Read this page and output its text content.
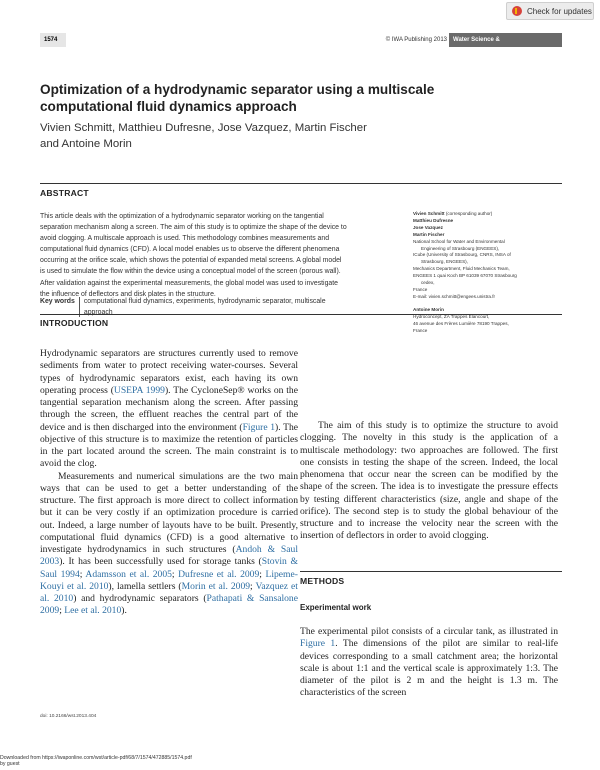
Check for updates
1574	© IWA Publishing 2013	Water Science & Technology | 68.7 | 2013
Optimization of a hydrodynamic separator using a multiscale computational fluid dynamics approach
Vivien Schmitt, Matthieu Dufresne, Jose Vazquez, Martin Fischer
and Antoine Morin
ABSTRACT
This article deals with the optimization of a hydrodynamic separator working on the tangential
separation mechanism along a screen. The aim of this study is to optimize the shape of the device to
avoid clogging. A multiscale approach is used. This methodology combines measurements and
computational fluid dynamics (CFD). A local model enables us to observe the different phenomena
occurring at the orifice scale, which shows the potential of expanded metal screens. A global model
is used to simulate the flow within the device using a conceptual model of the screen (porous wall).
After validation against the experimental measurements, the global model was used to investigate
the influence of deflectors and disk plates in the structure.
Key words computational fluid dynamics, experiments, hydrodynamic separator, multiscale
approach
Vivien Schmitt (corresponding author)
Matthieu Dufresne
Jose Vazquez
Martin Fischer
National School for Water and Environmental
Engineering of Strasbourg (ENGEES),
ICube (University of Strasbourg, CNRS, INSA of
Strasbourg, ENGEES),
Mechanics Department, Fluid Mechanics Team,
ENGEES 1 quai Koch BP 61039 67070 Strasbourg
cedex,
France
E-mail: vivien.schmitt@engees.unistra.fr
Antoine Morin
Hydroconcept, ZA Trappes Elancourt,
46 avenue des Frères Lumière 78190 Trappes,
France
INTRODUCTION

Hydrodynamic separators are structures currently used to remove sediments from water to protect receiving water-courses. Several types of hydrodynamic separators exist, each having its own operating process (USEPA 1999). The CycloneSep® works on the tangential separation mechanism along the screen. After passing through the screen, the effluent reaches the central part of the device and is then discharged into the environment (Figure 1). The objective of this structure is to maximize the retention of particles in the part located around the screen. The main constraint is to avoid the clog.

Measurements and numerical simulations are the two main ways that can be used to get a better understanding of the structure. The first approach is more direct to collect information but it can be very costly if an optimization procedure is carried out. Indeed, a large number of layouts have to be built. Presently, computational fluid dynamics (CFD) is a good alternative to investigate hydrodynamics in such structures (Andoh & Saul 2003). It has been successfully used for storage tanks (Stovin & Saul 1994; Adamsson et al. 2005; Dufresne et al. 2009; Lipeme-Kouyi et al. 2010), lamella settlers (Morin et al. 2009; Vazquez et al. 2010) and hydrodynamic separators (Pathapati & Sansalone 2009; Lee et al. 2010).

The aim of this study is to optimize the structure to avoid clogging. The novelty in this study is the application of a multiscale methodology: two approaches are followed. The first one consists in testing the shape of the screen. Indeed, the local phenomena that occur near the screen can be modified by the shape of the screen. The idea is to investigate the pressure effects by testing different characteristics (size, angle and shape of the orifice). The second step is to study the global behaviour of the structure and to increase the velocity near the screen with the insertion of deflectors in order to avoid clogging.

METHODS
Experimental work

The experimental pilot consists of a circular tank, as illustrated in Figure 1. The dimensions of the pilot are similar to real-life devices corresponding to a small catchment area; the horizontal scale is about 1:1 and the vertical scale is approximately 1:3. The diameter of the pilot is 2 m and the height is 1.3 m. The characteristics of the screen

doi: 10.2166/wst.2013.404
Downloaded from https://iwaponline.com/wst/article-pdf/68/7/1574/472885/1574.pdf
by guest
